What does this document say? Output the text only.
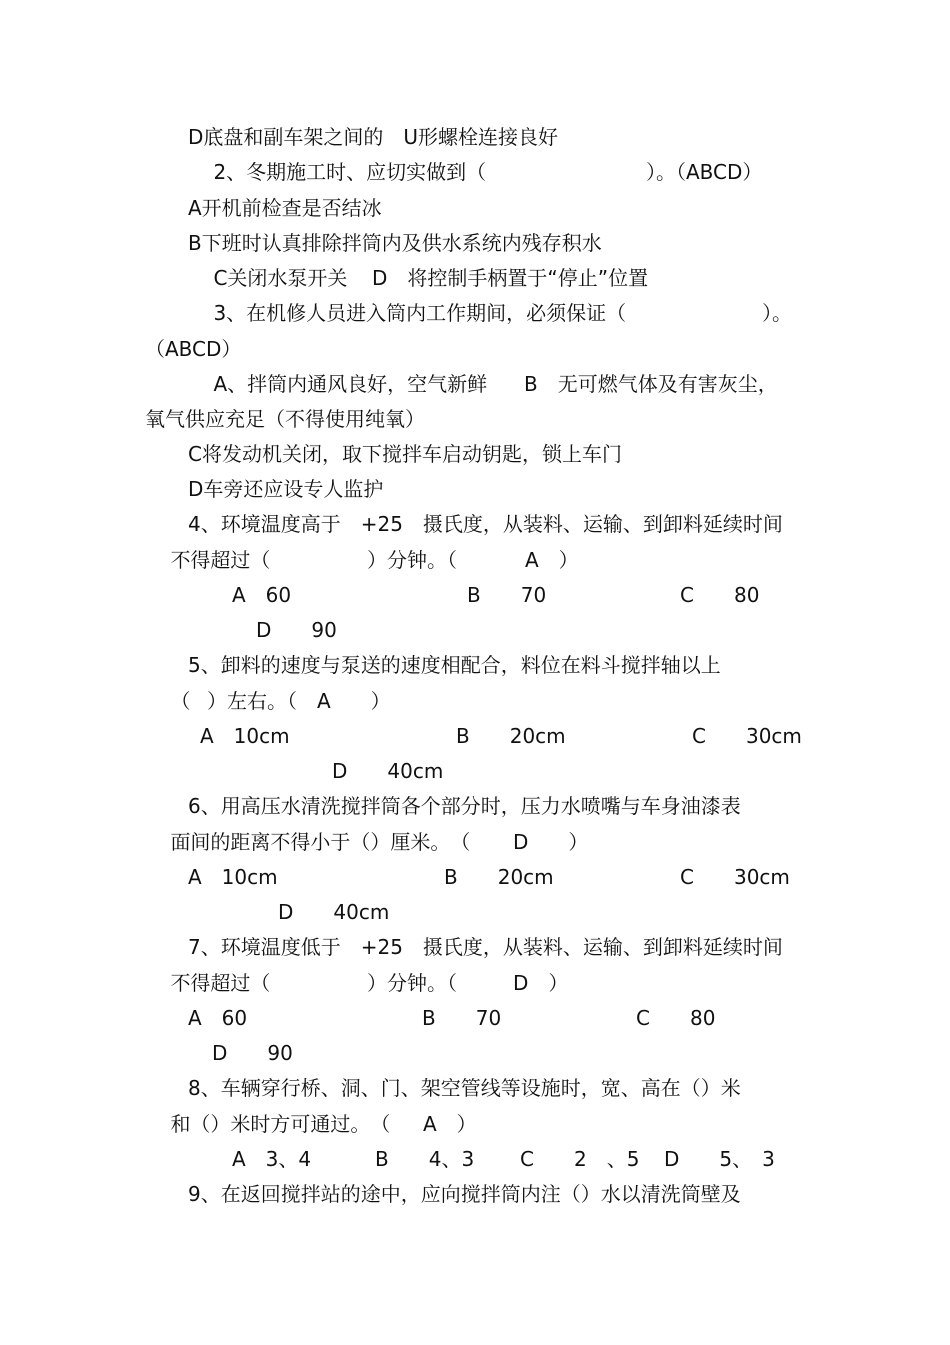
D底盘和副车架之间的　U形螺栓连接良好

2、冬期施工时、应切实做到（

	）。（ABCD）

A开机前检查是否结冰
B下班时认真排除拌筒内及供水系统内残存积水

C关闭水泵开关

D　将控制手柄置于“停止”位置

3、在机修人员进入筒内工作期间，必须保证（

	）。

（ABCD）

A、拌筒内通风良好，空气新鲜

B　无可燃气体及有害灰尘，

氧气供应充足（不得使用纯氧）
C将发动机关闭，取下搅拌车启动钥匙，锁上车门
D车旁还应设专人监护
4、环境温度高于　+25　摄氏度，从装料、运输、到卸料延续时间

不得超过（

	）分钟。（

	A　）

A　60

	B　　70

	C　　80

D　　90
5、卸料的速度与泵送的速度相配合，料位在料斗搅拌轴以上

（

）左右。（　A　　）

A　10cm

	B　　20cm

	C　　30cm

D　　40cm
6、用高压水清洗搅拌筒各个部分时，压力水喷嘴与车身油漆表

面间的距离不得小于（）厘米。　（

D　　）

A　10cm

	B　　20cm

	C　　30cm

D　　40cm
7、环境温度低于　+25　摄氏度，从装料、运输、到卸料延续时间

不得超过（

	）分钟。（

	D　）

A　60

	B　　70

	C　　80

D　　90
8、车辆穿行桥、洞、门、架空管线等设施时，宽、高在（）米

和（）米时方可通过。　（

A　）

A　3、4

	B　　4、3

C　　2　、5

D　　5、　3

9、在返回搅拌站的途中，应向搅拌筒内注（）水以清洗筒壁及
